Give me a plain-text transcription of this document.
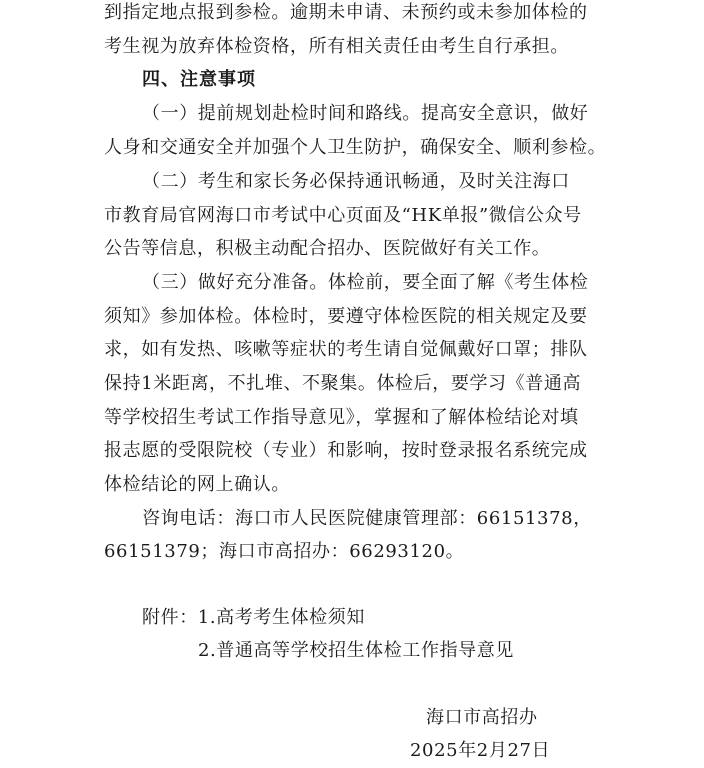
到指定地点报到参检。逾期未申请、未预约或未参加体检的
考生视为放弃体检资格，所有相关责任由考生自行承担。
四、注意事项
（一）提前规划赴检时间和路线。提高安全意识，做好
人身和交通安全并加强个人卫生防护，确保安全、顺利参检。
（二）考生和家长务必保持通讯畅通，及时关注海口
市教育局官网海口市考试中心页面及“HK单报”微信公众号
公告等信息，积极主动配合招办、医院做好有关工作。
（三）做好充分准备。体检前，要全面了解《考生体检
须知》参加体检。体检时，要遵守体检医院的相关规定及要
求，如有发热、咳嗽等症状的考生请自觉佩戴好口罩；排队
保持1米距离，不扎堆、不聚集。体检后，要学习《普通高
等学校招生考试工作指导意见》，掌握和了解体检结论对填
报志愿的受限院校（专业）和影响，按时登录报名系统完成
体检结论的网上确认。
咨询电话：海口市人民医院健康管理部：66151378，
66151379；海口市高招办：66293120。
附件：1.高考考生体检须知
2.普通高等学校招生体检工作指导意见
海口市高招办
2025年2月27日
